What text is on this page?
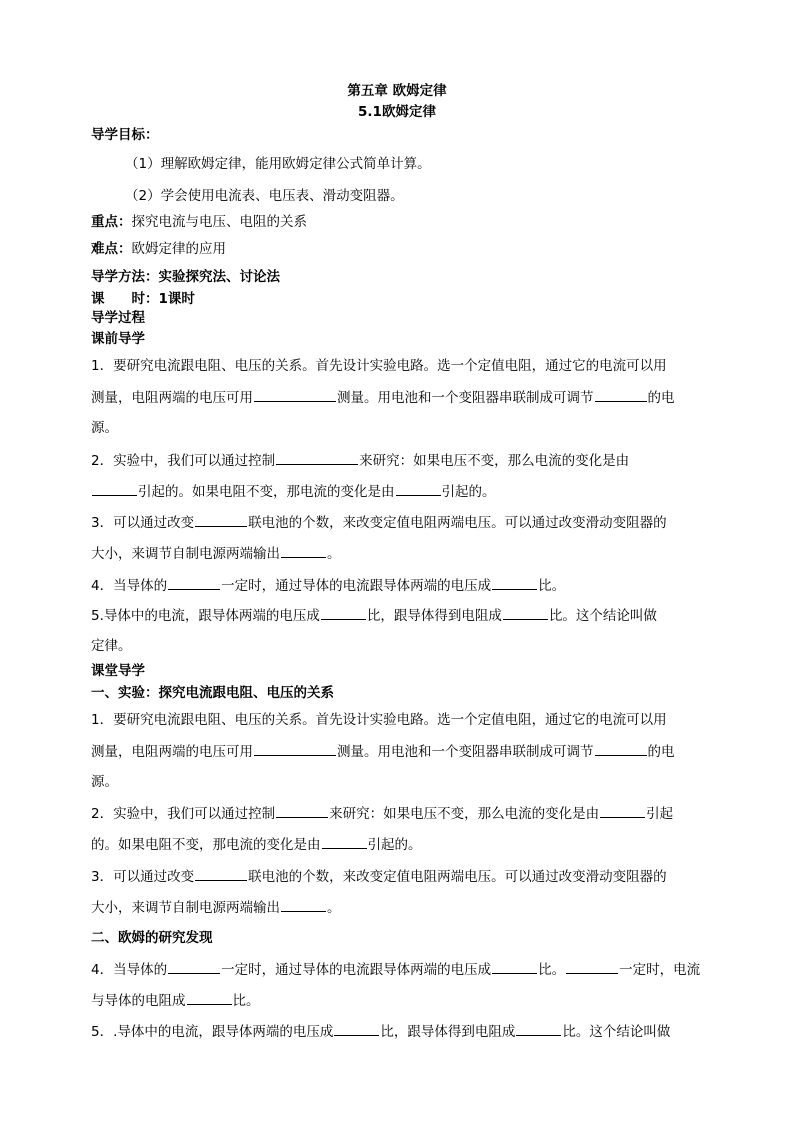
第五章 欧姆定律
5.1欧姆定律
导学目标：
（1）理解欧姆定律，能用欧姆定律公式简单计算。
（2）学会使用电流表、电压表、滑动变阻器。
重点：探究电流与电压、电阻的关系
难点：欧姆定律的应用
导学方法：实验探究法、讨论法
课　　时：1课时
导学过程
课前导学
1．要研究电流跟电阻、电压的关系。首先设计实验电路。选一个定值电阻，通过它的电流可以用
测量，电阻两端的电压可用	测量。用电池和一个变阻器串联制成可调节	的电
源。
2．实验中，我们可以通过控制	来研究：如果电压不变，那么电流的变化是由
引起的。如果电阻不变，那电流的变化是由	引起的。
3．可以通过改变	联电池的个数，来改变定值电阻两端电压。可以通过改变滑动变阻器的
大小，来调节自制电源两端输出	。
4．当导体的	一定时，通过导体的电流跟导体两端的电压成	比。
5.导体中的电流，跟导体两端的电压成	比，跟导体得到电阻成	比。这个结论叫做
定律。
课堂导学
一、实验：探究电流跟电阻、电压的关系
1．要研究电流跟电阻、电压的关系。首先设计实验电路。选一个定值电阻，通过它的电流可以用
测量，电阻两端的电压可用	测量。用电池和一个变阻器串联制成可调节	的电
源。
2．实验中，我们可以通过控制	来研究：如果电压不变，那么电流的变化是由	引起
的。如果电阻不变，那电流的变化是由	引起的。
3．可以通过改变	联电池的个数，来改变定值电阻两端电压。可以通过改变滑动变阻器的
大小，来调节自制电源两端输出	。
二、欧姆的研究发现
4．当导体的	一定时，通过导体的电流跟导体两端的电压成	比。	一定时，电流
与导体的电阻成	比。
5．.导体中的电流，跟导体两端的电压成	比，跟导体得到电阻成	比。这个结论叫做
